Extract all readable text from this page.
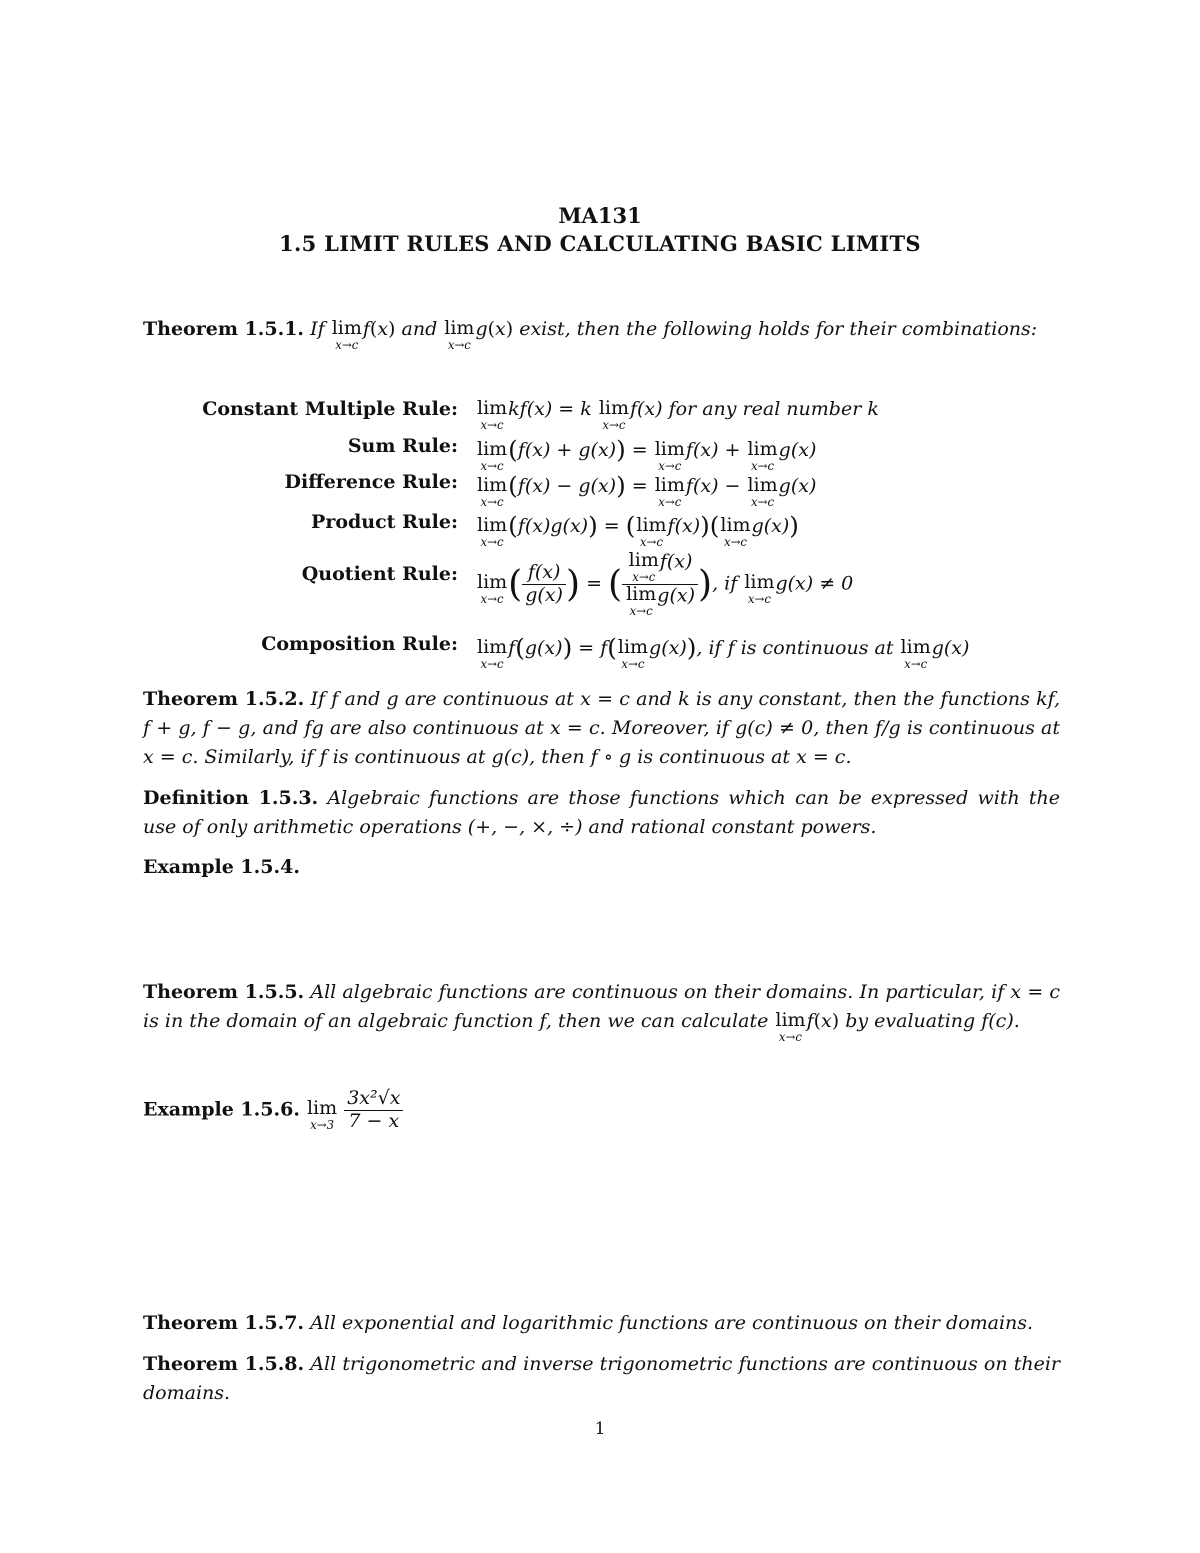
MA131
1.5 LIMIT RULES AND CALCULATING BASIC LIMITS
Theorem 1.5.1. If lim
x→c
f(x) and lim
x→c
g(x) exist, then the following holds for their combinations:
Constant Multiple Rule: lim
x→c
kf(x) = k lim
x→c
f(x) for any real number k
Sum Rule: lim
x→c
(f(x) + g(x)) = lim
x→c
f(x) + lim
x→c
g(x)
Difference Rule: lim
x→c
(f(x) − g(x)) = lim
x→c
f(x) − lim
x→c
g(x)
Product Rule: lim
x→c
(f(x)g(x)) = ( lim
x→c
f(x))( lim
x→c
g(x))
Quotient Rule: lim
x→c ( $\frac{f(x)}{g(x)}$ ) = ( lim
x→c
f(x)
lim
x→c
g(x) ), if lim
x→c
g(x) ≠ 0
Composition Rule: lim
x→c
f(g(x)) = f( lim
x→c
g(x)), if f is continuous at lim
x→c
g(x)
Theorem 1.5.2. If f and g are continuous at x = c and k is any constant, then the functions kf, f + g, f − g, and fg are also continuous at x = c. Moreover, if g(c) ≠ 0, then f/g is continuous at x = c. Similarly, if f is continuous at g(c), then f ∘ g is continuous at x = c.
Definition 1.5.3. Algebraic functions are those functions which can be expressed with the use of only arithmetic operations (+, −, ×, ÷) and rational constant powers.
Example 1.5.4.
Theorem 1.5.5. All algebraic functions are continuous on their domains. In particular, if x = c is in the domain of an algebraic function f, then we can calculate lim
x→c
f(x) by evaluating f(c).
Example 1.5.6. lim
x→3
$\frac{\text{3x²√x}}{7 - x}$
Theorem 1.5.7. All exponential and logarithmic functions are continuous on their domains.
Theorem 1.5.8. All trigonometric and inverse trigonometric functions are continuous on their domains.
1
